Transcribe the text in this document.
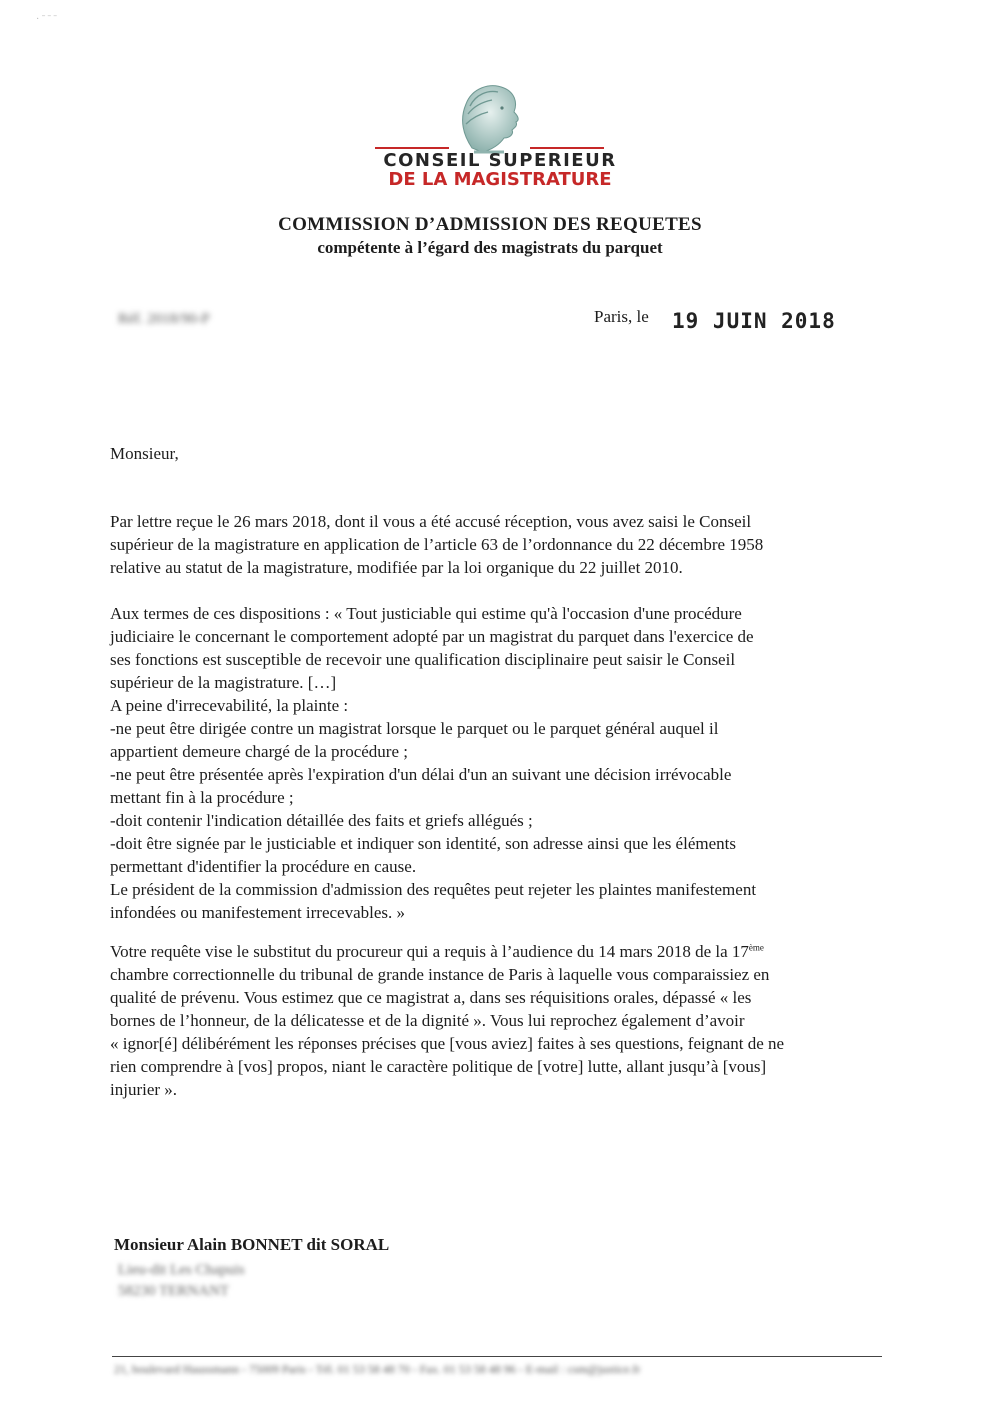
· ˉ ˉ ˉ
CONSEIL SUPERIEUR
DE LA MAGISTRATURE
COMMISSION D’ADMISSION DES REQUETES
compétente à l’égard des magistrats du parquet
Réf. 2018/90-P	Paris, le 19 JUIN 2018
Monsieur,
Par lettre reçue le 26 mars 2018, dont il vous a été accusé réception, vous avez saisi le Conseil
supérieur de la magistrature en application de l’article 63 de l’ordonnance du 22 décembre 1958
relative au statut de la magistrature, modifiée par la loi organique du 22 juillet 2010.
Aux termes de ces dispositions : « Tout justiciable qui estime qu'à l'occasion d'une procédure
judiciaire le concernant le comportement adopté par un magistrat du parquet dans l'exercice de
ses fonctions est susceptible de recevoir une qualification disciplinaire peut saisir le Conseil
supérieur de la magistrature. […]
A peine d'irrecevabilité, la plainte :
-ne peut être dirigée contre un magistrat lorsque le parquet ou le parquet général auquel il
appartient demeure chargé de la procédure ;
-ne peut être présentée après l'expiration d'un délai d'un an suivant une décision irrévocable
mettant fin à la procédure ;
-doit contenir l'indication détaillée des faits et griefs allégués ;
-doit être signée par le justiciable et indiquer son identité, son adresse ainsi que les éléments
permettant d'identifier la procédure en cause.
Le président de la commission d'admission des requêtes peut rejeter les plaintes manifestement
infondées ou manifestement irrecevables. »
Votre requête vise le substitut du procureur qui a requis à l’audience du 14 mars 2018 de la 17ème
chambre correctionnelle du tribunal de grande instance de Paris à laquelle vous comparaissiez en
qualité de prévenu. Vous estimez que ce magistrat a, dans ses réquisitions orales, dépassé « les
bornes de l’honneur, de la délicatesse et de la dignité ». Vous lui reprochez également d’avoir
« ignor[é] délibérément les réponses précises que [vous aviez] faites à ses questions, feignant de ne
rien comprendre à [vos] propos, niant le caractère politique de [votre] lutte, allant jusqu’à [vous]
injurier ».
Monsieur Alain BONNET dit SORAL
Lieu-dit Les Chapuis
58230 TERNANT
21, boulevard Haussmann - 75009 Paris - Tél. 01 53 58 48 70 - Fax. 01 53 58 48 96 - E-mail : csm@justice.fr
